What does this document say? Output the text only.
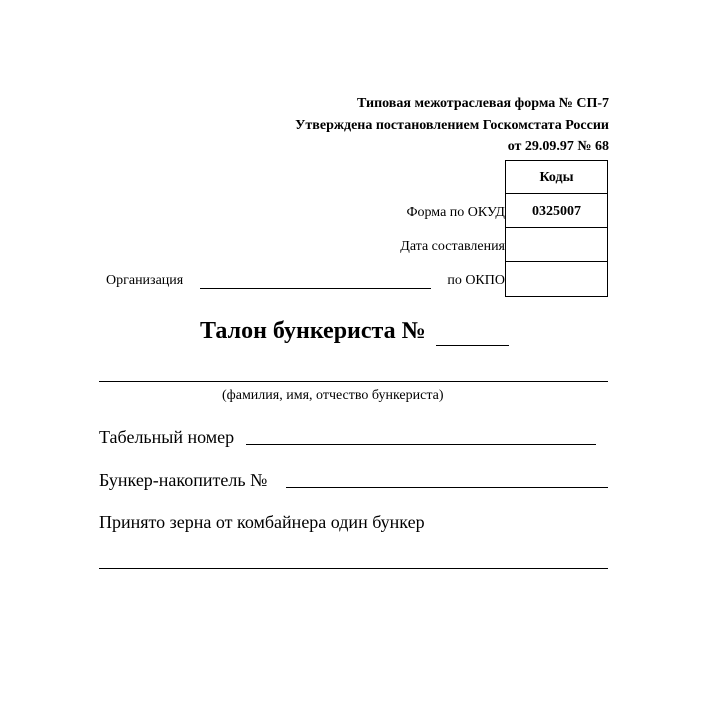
Типовая межотраслевая форма № СП-7
Утверждена постановлением Госкомстата России
от 29.09.97 № 68
Коды
0325007
Форма по ОКУД
Дата составления
Организация	по ОКПО
Талон бункериста №
(фамилия, имя, отчество бункериста)
Табельный номер
Бункер-накопитель №
Принято зерна от комбайнера один бункер
